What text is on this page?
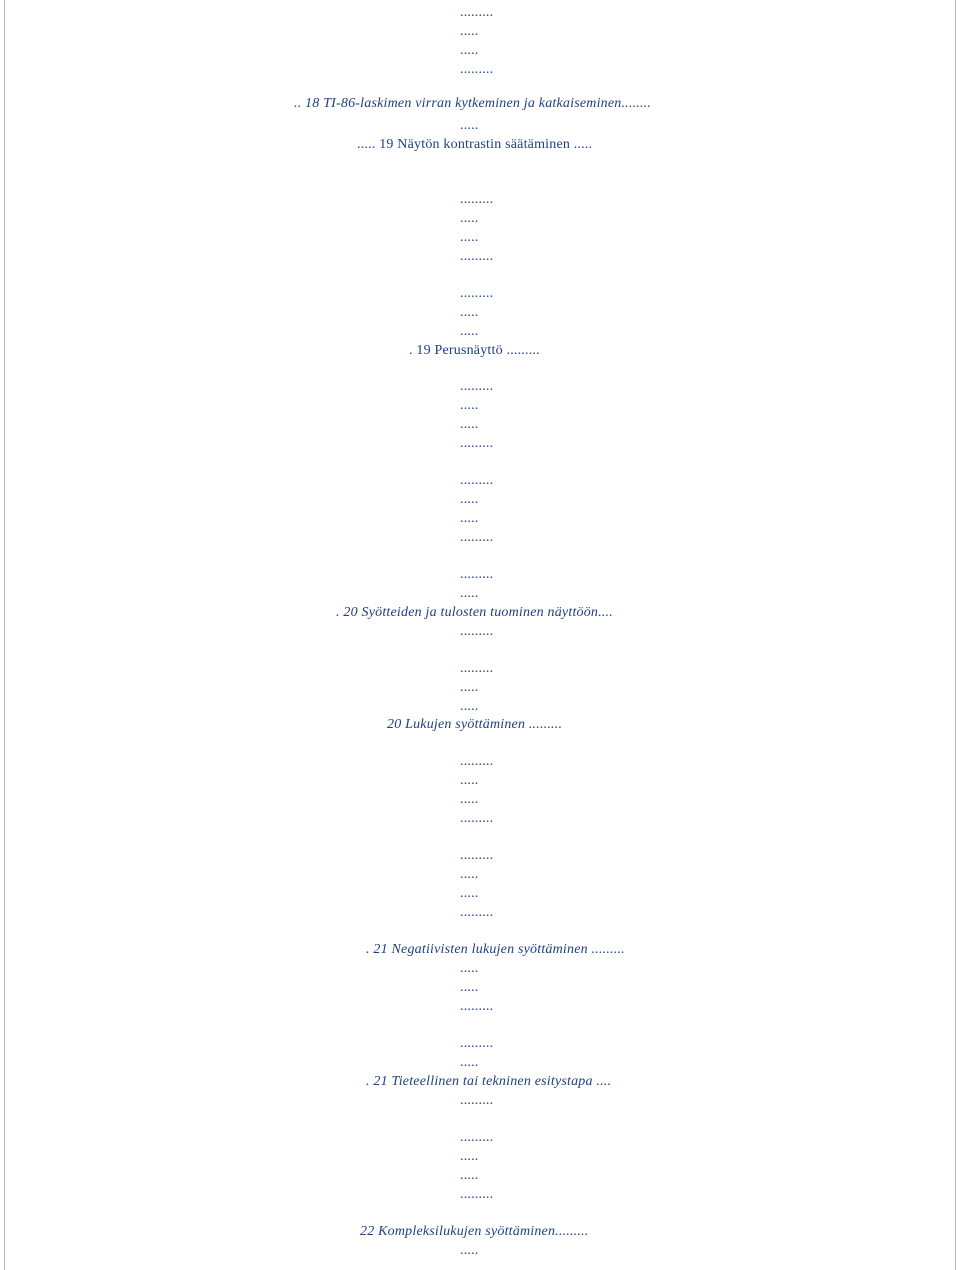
.........
.....
.....
.........
.. 18 TI-86-laskimen virran kytkeminen ja katkaiseminen........
.....
..... 19 Näytön kontrastin säätäminen .....
.........
.....
.....
.........
.........
.....
.....
. 19 Perusnäyttö .........
.........
.....
.....
.........
.........
.....
.....
.........
.........
.....
. 20 Syötteiden ja tulosten tuominen näyttöön....
.........
.........
.....
.....
20 Lukujen syöttäminen .........
.........
.....
.....
.........
.........
.....
.....
.........
. 21 Negatiivisten lukujen syöttäminen .........
.....
.....
.........
.........
.....
. 21 Tieteellinen tai tekninen esitystapa ....
.........
.........
.....
.....
.........
22 Kompleksilukujen syöttäminen.........
.....
